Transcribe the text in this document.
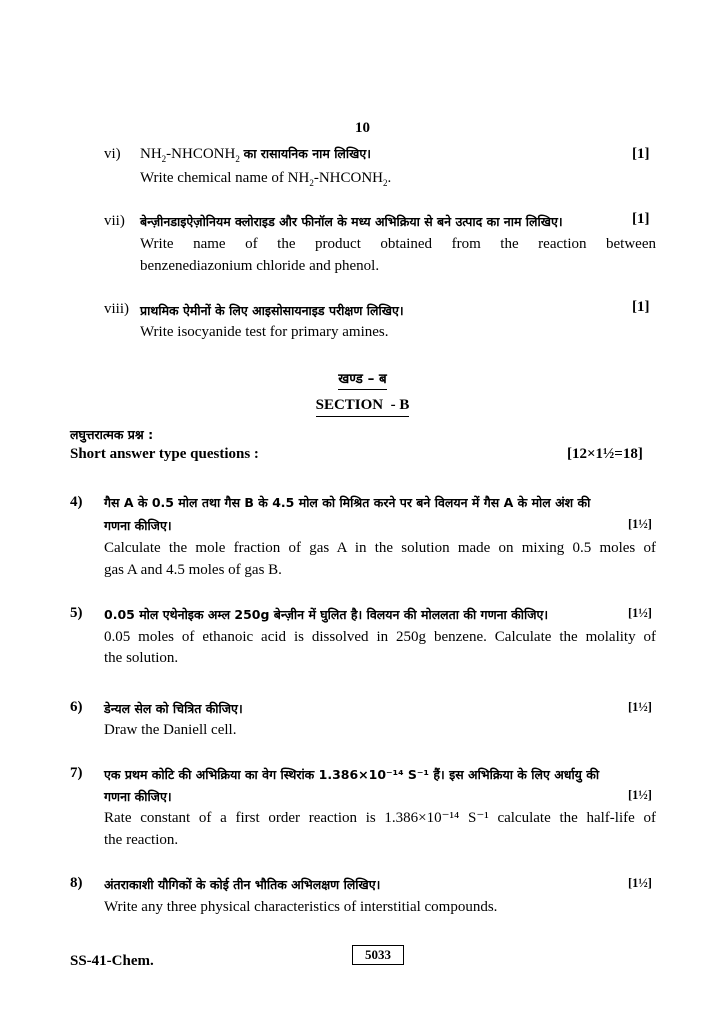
10
vi) $NH_2-NHCONH_2$ का रासायनिक नाम लिखिए।	[1]
Write chemical name of $NH_2-NHCONH_2$.
vii) बेन्ज़ीनडाइऐज़ोनियम क्लोराइड और फीनॉल के मध्य अभिक्रिया से बने उत्पाद का नाम लिखिए।	[1]
Write name of the product obtained from the reaction between
benzenediazonium chloride and phenol.
viii) प्राथमिक ऐमीनों के लिए आइसोसायनाइड परीक्षण लिखिए।	[1]
Write isocyanide test for primary amines.
खण्ड – ब
SECTION  - B
लघुत्तरात्मक प्रश्न :
Short answer type questions :	[12×1½=18]
4) गैस A के 0.5 मोल तथा गैस B के 4.5 मोल को मिश्रित करने पर बने विलयन में गैस A के मोल अंश की
गणना कीजिए।	[1½]
Calculate the mole fraction of gas A in the solution made on mixing 0.5 moles of
gas A and 4.5 moles of gas B.
5) 0.05 मोल एथेनोइक अम्ल 250g बेन्ज़ीन में घुलित है। विलयन की मोललता की गणना कीजिए।	[1½]
0.05 moles of ethanoic acid is dissolved in 250g benzene. Calculate the molality of
the solution.
6) डेन्यल सेल को चित्रित कीजिए।	[1½]
Draw the Daniell cell.
7) एक प्रथम कोटि की अभिक्रिया का वेग स्थिरांक 1.386×10⁻¹⁴ S⁻¹ हैं। इस अभिक्रिया के लिए अर्धायु की
गणना कीजिए।	[1½]
Rate constant of a first order reaction is 1.386×10⁻¹⁴ S⁻¹ calculate the half-life of
the reaction.
8) अंतराकाशी यौगिकों के कोई तीन भौतिक अभिलक्षण लिखिए।	[1½]
Write any three physical characteristics of interstitial compounds.
SS-41-Chem.	5033
